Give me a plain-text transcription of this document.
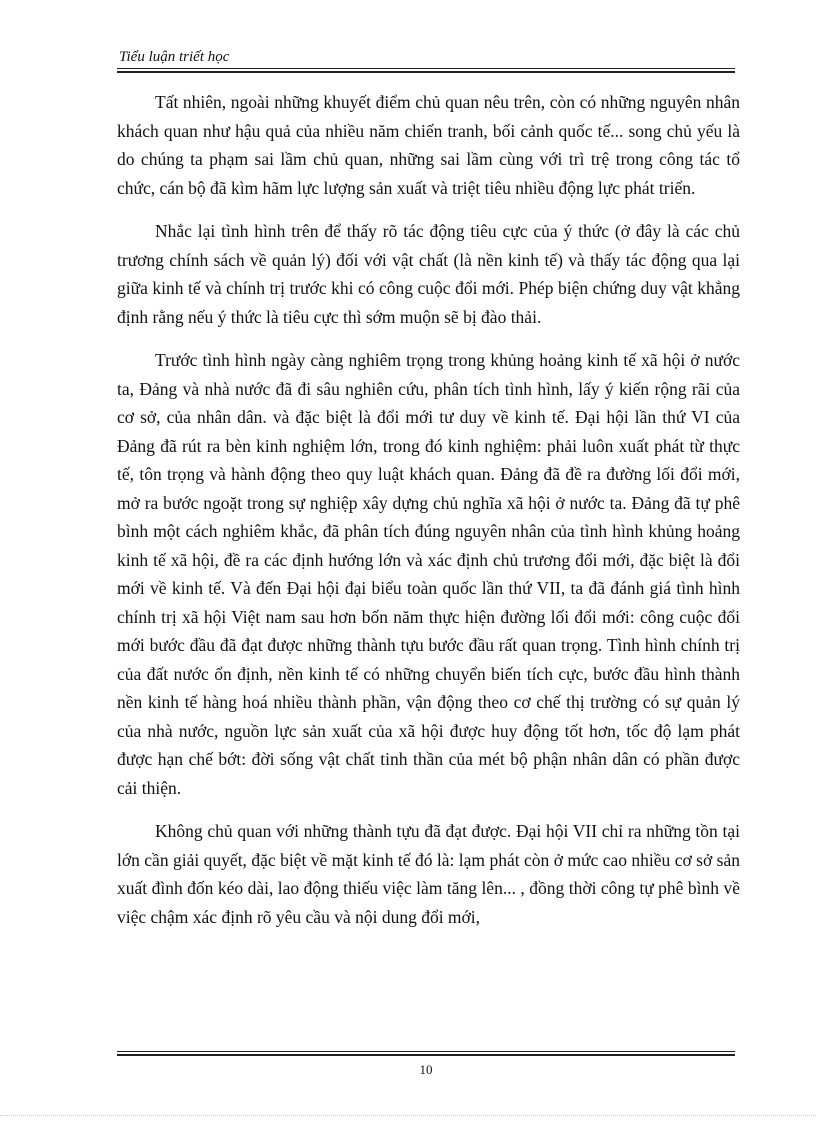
Tiểu luận triết học

Tất nhiên, ngoài những khuyết điểm chủ quan nêu trên, còn có những nguyên nhân khách quan như hậu quả của nhiều năm chiến tranh, bối cảnh quốc tế... song chủ yếu là do chúng ta phạm sai lầm chủ quan, những sai lầm cùng với trì trệ trong công tác tổ chức, cán bộ đã kìm hãm lực lượng sản xuất và triệt tiêu nhiều động lực phát triển.

Nhắc lại tình hình trên để thấy rõ tác động tiêu cực của ý thức (ở đây là các chủ trương chính sách về quản lý) đối với vật chất (là nền kinh tế) và thấy tác động qua lại giữa kinh tế và chính trị trước khi có công cuộc đổi mới. Phép biện chứng duy vật khẳng định rằng nếu ý thức là tiêu cực thì sớm muộn sẽ bị đào thải.

Trước tình hình ngày càng nghiêm trọng trong khủng hoảng kinh tế xã hội ở nước ta, Đảng và nhà nước đã đi sâu nghiên cứu, phân tích tình hình, lấy ý kiến rộng rãi của cơ sở, của nhân dân. và đặc biệt là đổi mới tư duy về kinh tế. Đại hội lần thứ VI của Đảng đã rút ra bèn kinh nghiệm lớn, trong đó kinh nghiệm: phải luôn xuất phát từ thực tế, tôn trọng và hành động theo quy luật khách quan. Đảng đã đề ra đường lối đổi mới, mở ra bước ngoặt trong sự nghiệp xây dựng chủ nghĩa xã hội ở nước ta. Đảng đã tự phê bình một cách nghiêm khắc, đã phân tích đúng nguyên nhân của tình hình khủng hoảng kinh tế xã hội, đề ra các định hướng lớn và xác định chủ trương đổi mới, đặc biệt là đổi mới về kinh tế. Và đến Đại hội đại biểu toàn quốc lần thứ VII, ta đã đánh giá tình hình chính trị xã hội Việt nam sau hơn bốn năm thực hiện đường lối đổi mới: công cuộc đổi mới bước đầu đã đạt được những thành tựu bước đầu rất quan trọng. Tình hình chính trị của đất nước ổn định, nền kinh tế có những chuyển biến tích cực, bước đầu hình thành nền kinh tế hàng hoá nhiều thành phần, vận động theo cơ chế thị trường có sự quản lý của nhà nước, nguồn lực sản xuất của xã hội được huy động tốt hơn, tốc độ lạm phát được hạn chế bớt: đời sống vật chất tinh thần của mét bộ phận nhân dân có phần được cải thiện.

Không chủ quan với những thành tựu đã đạt được. Đại hội VII chỉ ra những tồn tại lớn cần giải quyết, đặc biệt về mặt kinh tế đó là: lạm phát còn ở mức cao nhiều cơ sở sản xuất đình đốn kéo dài, lao động thiếu việc làm tăng lên... , đồng thời công tự phê bình về việc chậm xác định rõ yêu cầu và nội dung đổi mới,

10
